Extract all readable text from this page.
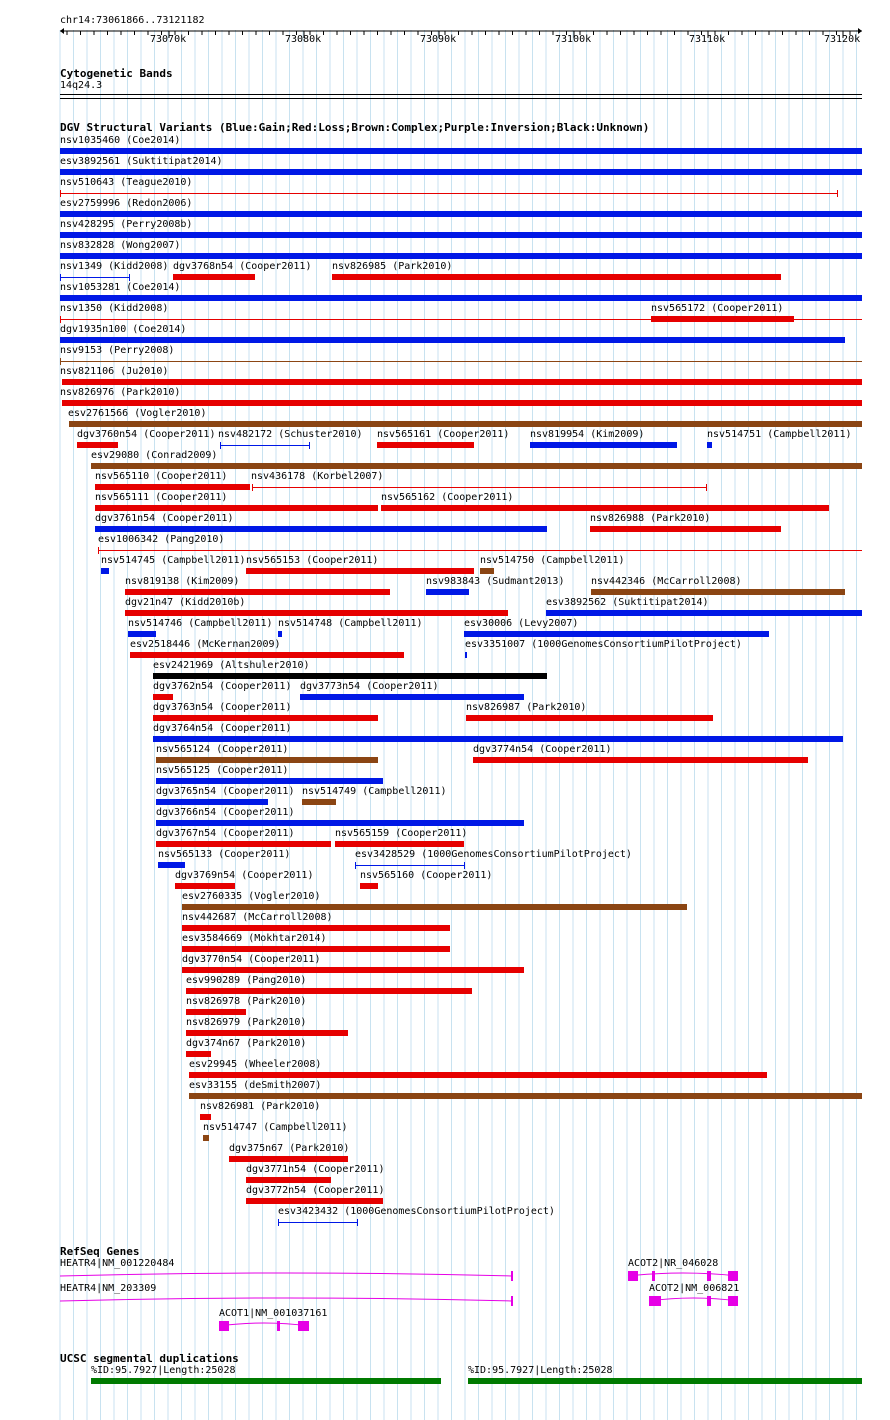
chr14:73061866..73121182
73070k	73080k	73090k	73100k	73110k	73120k
Cytogenetic Bands
14q24.3
DGV Structural Variants (Blue:Gain;Red:Loss;Brown:Complex;Purple:Inversion;Black:Unknown)
nsv1035460 (Coe2014)
esv3892561 (Suktitipat2014)
nsv510643 (Teague2010)
esv2759996 (Redon2006)
nsv428295 (Perry2008b)
nsv832828 (Wong2007)
nsv1349 (Kidd2008) dgv3768n54 (Cooper2011) nsv826985 (Park2010)
nsv1053281 (Coe2014)
nsv1350 (Kidd2008)	nsv565172 (Cooper2011)
dgv1935n100 (Coe2014)
nsv9153 (Perry2008)
nsv821106 (Ju2010)
nsv826976 (Park2010)
esv2761566 (Vogler2010)
dgv3760n54 (Cooper2011) nsv482172 (Schuster2010) nsv565161 (Cooper2011) nsv819954 (Kim2009)	nsv514751 (Campbell2011)
esv29080 (Conrad2009)
nsv565110 (Cooper2011) nsv436178 (Korbel2007)
nsv565111 (Cooper2011)	nsv565162 (Cooper2011)
dgv3761n54 (Cooper2011)	nsv826988 (Park2010)
esv1006342 (Pang2010)
nsv514745 (Campbell2011) nsv565153 (Cooper2011)	nsv514750 (Campbell2011)
nsv819138 (Kim2009)	nsv983843 (Sudmant2013)	nsv442346 (McCarroll2008)
dgv21n47 (Kidd2010b)	esv3892562 (Suktitipat2014)
nsv514746 (Campbell2011) nsv514748 (Campbell2011)	esv30006 (Levy2007)
esv2518446 (McKernan2009)	esv3351007 (1000GenomesConsortiumPilotProject)
esv2421969 (Altshuler2010)
dgv3762n54 (Cooper2011) dgv3773n54 (Cooper2011)
dgv3763n54 (Cooper2011)	nsv826987 (Park2010)
dgv3764n54 (Cooper2011)
nsv565124 (Cooper2011)	dgv3774n54 (Cooper2011)
nsv565125 (Cooper2011)
dgv3765n54 (Cooper2011) nsv514749 (Campbell2011)
dgv3766n54 (Cooper2011)
dgv3767n54 (Cooper2011)	nsv565159 (Cooper2011)
nsv565133 (Cooper2011)	esv3428529 (1000GenomesConsortiumPilotProject)
dgv3769n54 (Cooper2011)	nsv565160 (Cooper2011)
esv2760335 (Vogler2010)
nsv442687 (McCarroll2008)
esv3584669 (Mokhtar2014)
dgv3770n54 (Cooper2011)
esv990289 (Pang2010)
nsv826978 (Park2010)
nsv826979 (Park2010)
dgv374n67 (Park2010)
esv29945 (Wheeler2008)
esv33155 (deSmith2007)
nsv826981 (Park2010)
nsv514747 (Campbell2011)
dgv375n67 (Park2010)
dgv3771n54 (Cooper2011)
dgv3772n54 (Cooper2011)
esv3423432 (1000GenomesConsortiumPilotProject)
RefSeq Genes
HEATR4|NM_001220484
HEATR4|NM_203309
ACOT1|NM_001037161
ACOT2|NR_046028
ACOT2|NM_006821
UCSC segmental duplications
%ID:95.7927|Length:25028	%ID:95.7927|Length:25028
